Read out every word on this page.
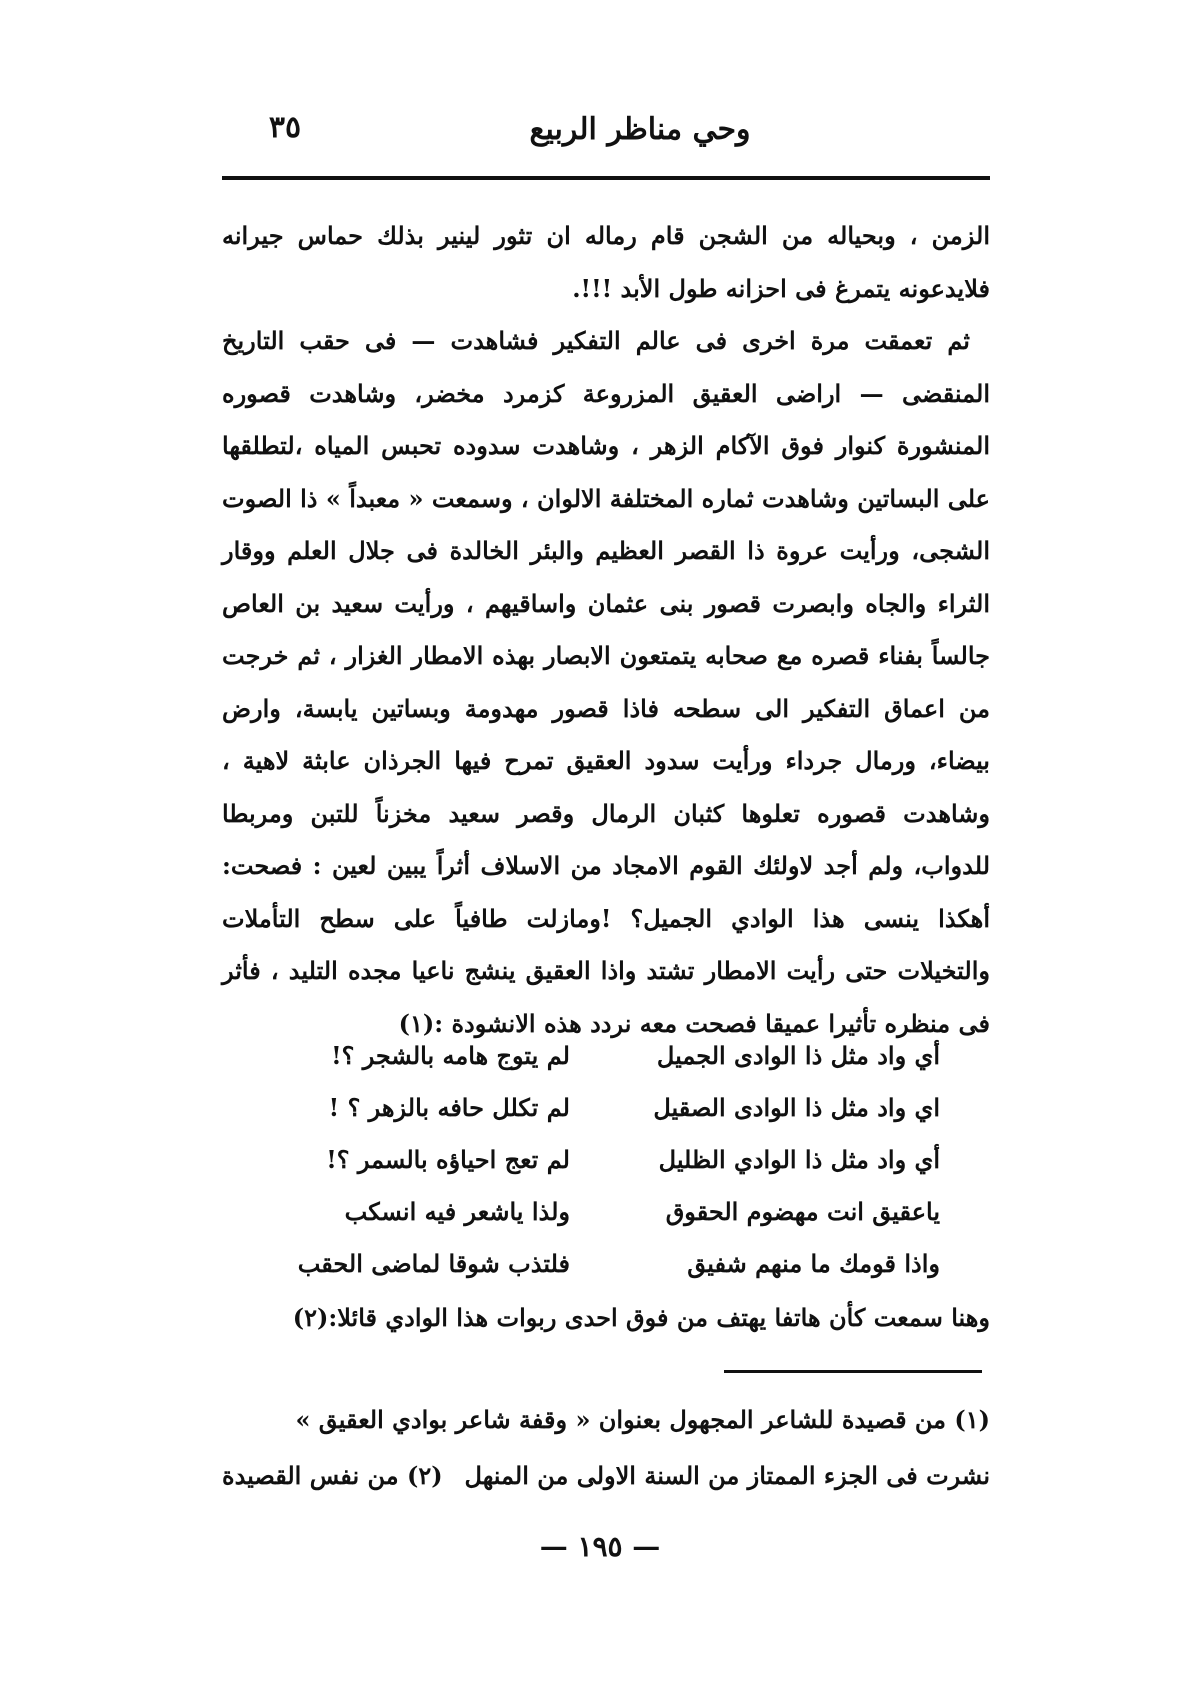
٣٥	وحي مناظر الربيع

الزمن ، وبحياله من الشجن قام رماله ان تثور لينير بذلك حماس جيرانه فلايدعونه يتمرغ فى احزانه طول الأبد !!!.

ثم تعمقت مرة اخرى فى عالم التفكير فشاهدت — فى حقب التاريخ المنقضى — اراضى العقيق المزروعة كزمرد مخضر، وشاهدت قصوره المنشورة كنوار فوق الآكام الزهر ، وشاهدت سدوده تحبس المياه ،لتطلقها على البساتين وشاهدت ثماره المختلفة الالوان ، وسمعت « معبداً » ذا الصوت الشجى، ورأيت عروة ذا القصر العظيم والبئر الخالدة فى جلال العلم ووقار الثراء والجاه وابصرت قصور بنى عثمان واساقيهم ، ورأيت سعيد بن العاص جالساً بفناء قصره مع صحابه يتمتعون الابصار بهذه الامطار الغزار ، ثم خرجت من اعماق التفكير الى سطحه فاذا قصور مهدومة وبساتين يابسة، وارض بيضاء، ورمال جرداء ورأيت سدود العقيق تمرح فيها الجرذان عابثة لاهية ، وشاهدت قصوره تعلوها كثبان الرمال وقصر سعيد مخزناً للتبن ومربطا للدواب، ولم أجد لاولئك القوم الامجاد من الاسلاف أثراً يبين لعين : فصحت: أهكذا ينسى هذا الوادي الجميل؟ !ومازلت طافياً على سطح التأملات والتخيلات حتى رأيت الامطار تشتد واذا العقيق ينشج ناعيا مجده التليد ، فأثر فى منظره تأثيرا عميقا فصحت معه نردد هذه الانشودة :(١)

أي واد مثل ذا الوادى الجميل
لم يتوج هامه بالشجر ؟!
اي واد مثل ذا الوادى الصقيل
لم تكلل حافه بالزهر ؟ !
أي واد مثل ذا الوادي الظليل
لم تعج احياؤه بالسمر ؟!
ياعقيق انت مهضوم الحقوق
ولذا ياشعر فيه انسكب
واذا قومك ما منهم شفيق
فلتذب شوقا لماضى الحقب
وهنا سمعت كأن هاتفا يهتف من فوق احدى ربوات هذا الوادي قائلا:(٢)
(١) من قصيدة للشاعر المجهول بعنوان « وقفة شاعر بوادي العقيق »
نشرت فى الجزء الممتاز من السنة الاولى من المنهل
(٢) من نفس القصيدة
— ١٩٥ —
